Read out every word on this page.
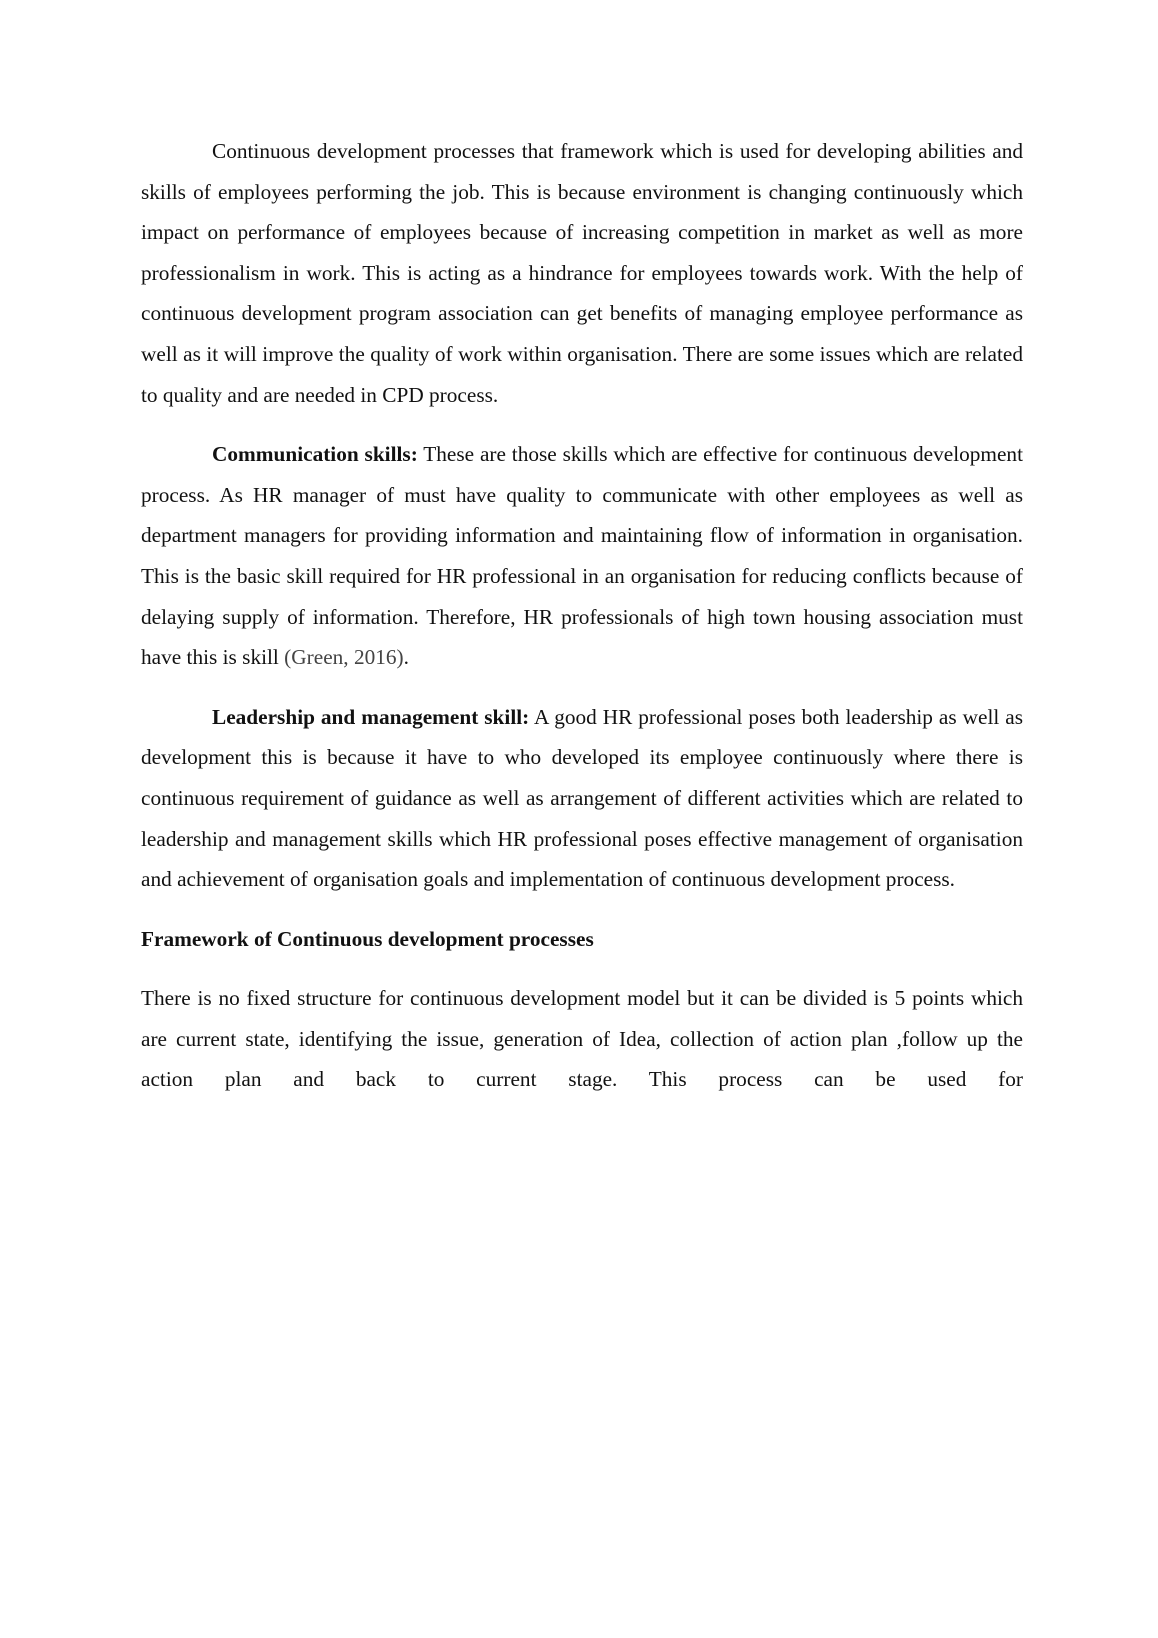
Continuous development processes that framework which is used for developing abilities and skills of employees performing the job. This is because environment is changing continuously which impact on performance of employees because of increasing competition in market as well as more professionalism in work. This is acting as a hindrance for employees towards work. With the help of continuous development program association can get benefits of managing employee performance as well as it will improve the quality of work within organisation. There are some issues which are related to quality and are needed in CPD process.

Communication skills: These are those skills which are effective for continuous development process. As HR manager of must have quality to communicate with other employees as well as department managers for providing information and maintaining flow of information in organisation. This is the basic skill required for HR professional in an organisation for reducing conflicts because of delaying supply of information. Therefore, HR professionals of high town housing association must have this is skill (Green, 2016).

Leadership and management skill: A good HR professional poses both leadership as well as development this is because it have to who developed its employee continuously where there is continuous requirement of guidance as well as arrangement of different activities which are related to leadership and management skills which HR professional poses effective management of organisation and achievement of organisation goals and implementation of continuous development process.

Framework of Continuous development processes

There is no fixed structure for continuous development model but it can be divided is 5 points which are current state, identifying the issue, generation of Idea, collection of action plan ,follow up the action plan and back to current stage. This process can be used for
